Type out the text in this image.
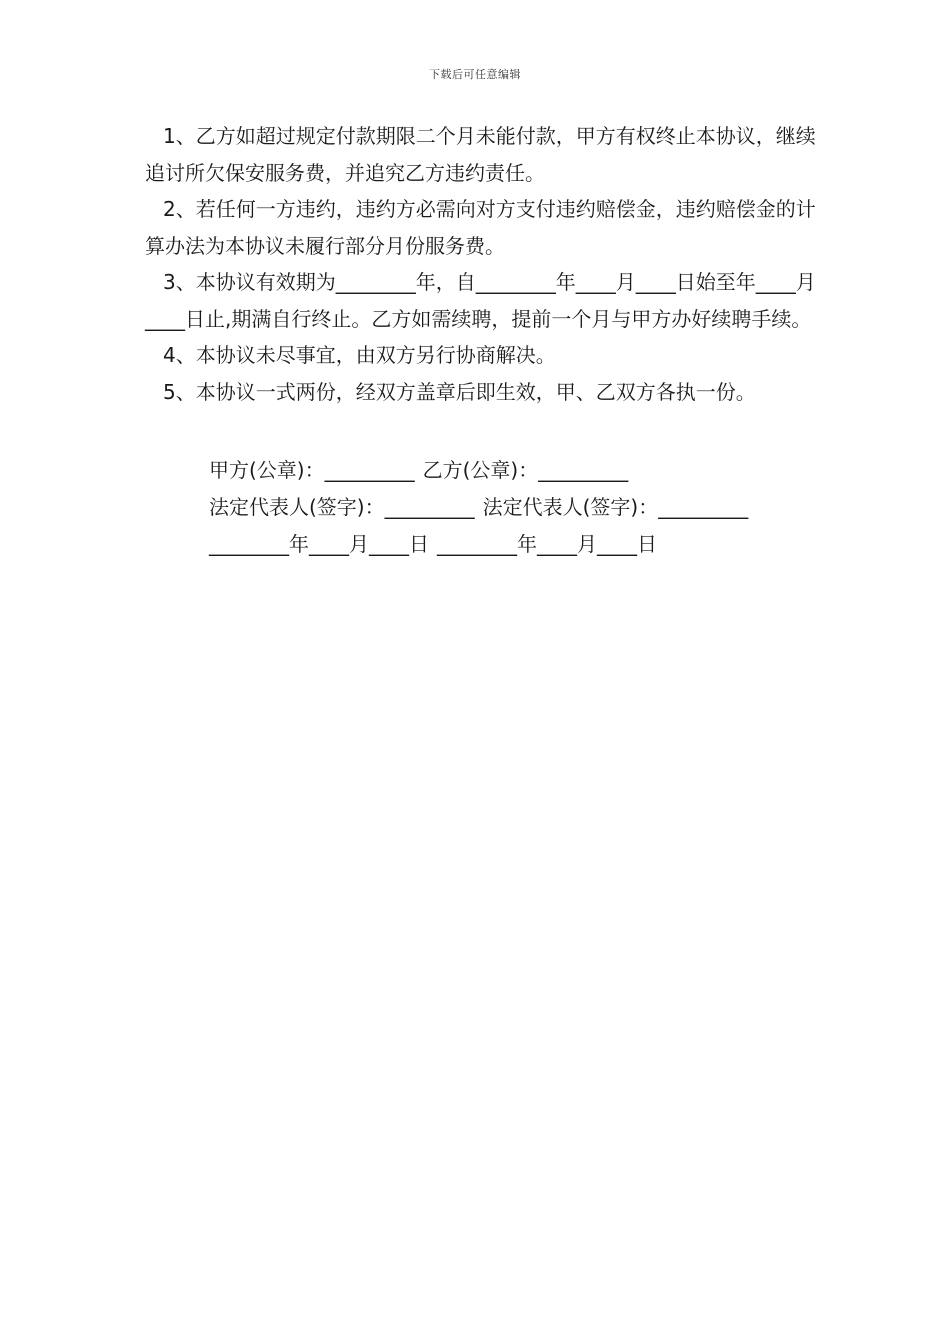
下载后可任意编辑

1、乙方如超过规定付款期限二个月未能付款，甲方有权终止本协议，继续追讨所欠保安服务费，并追究乙方违约责任。

2、若任何一方违约，违约方必需向对方支付违约赔偿金，违约赔偿金的计算办法为本协议未履行部分月份服务费。

3、本协议有效期为________年，自________年____月____日始至年____月____日止,期满自行终止。乙方如需续聘，提前一个月与甲方办好续聘手续。

4、本协议未尽事宜，由双方另行协商解决。

5、本协议一式两份，经双方盖章后即生效，甲、乙双方各执一份。

甲方(公章)：_________ 乙方(公章)：_________
法定代表人(签字)：_________ 法定代表人(签字)：_________
________年____月____日 ________年____月____日
